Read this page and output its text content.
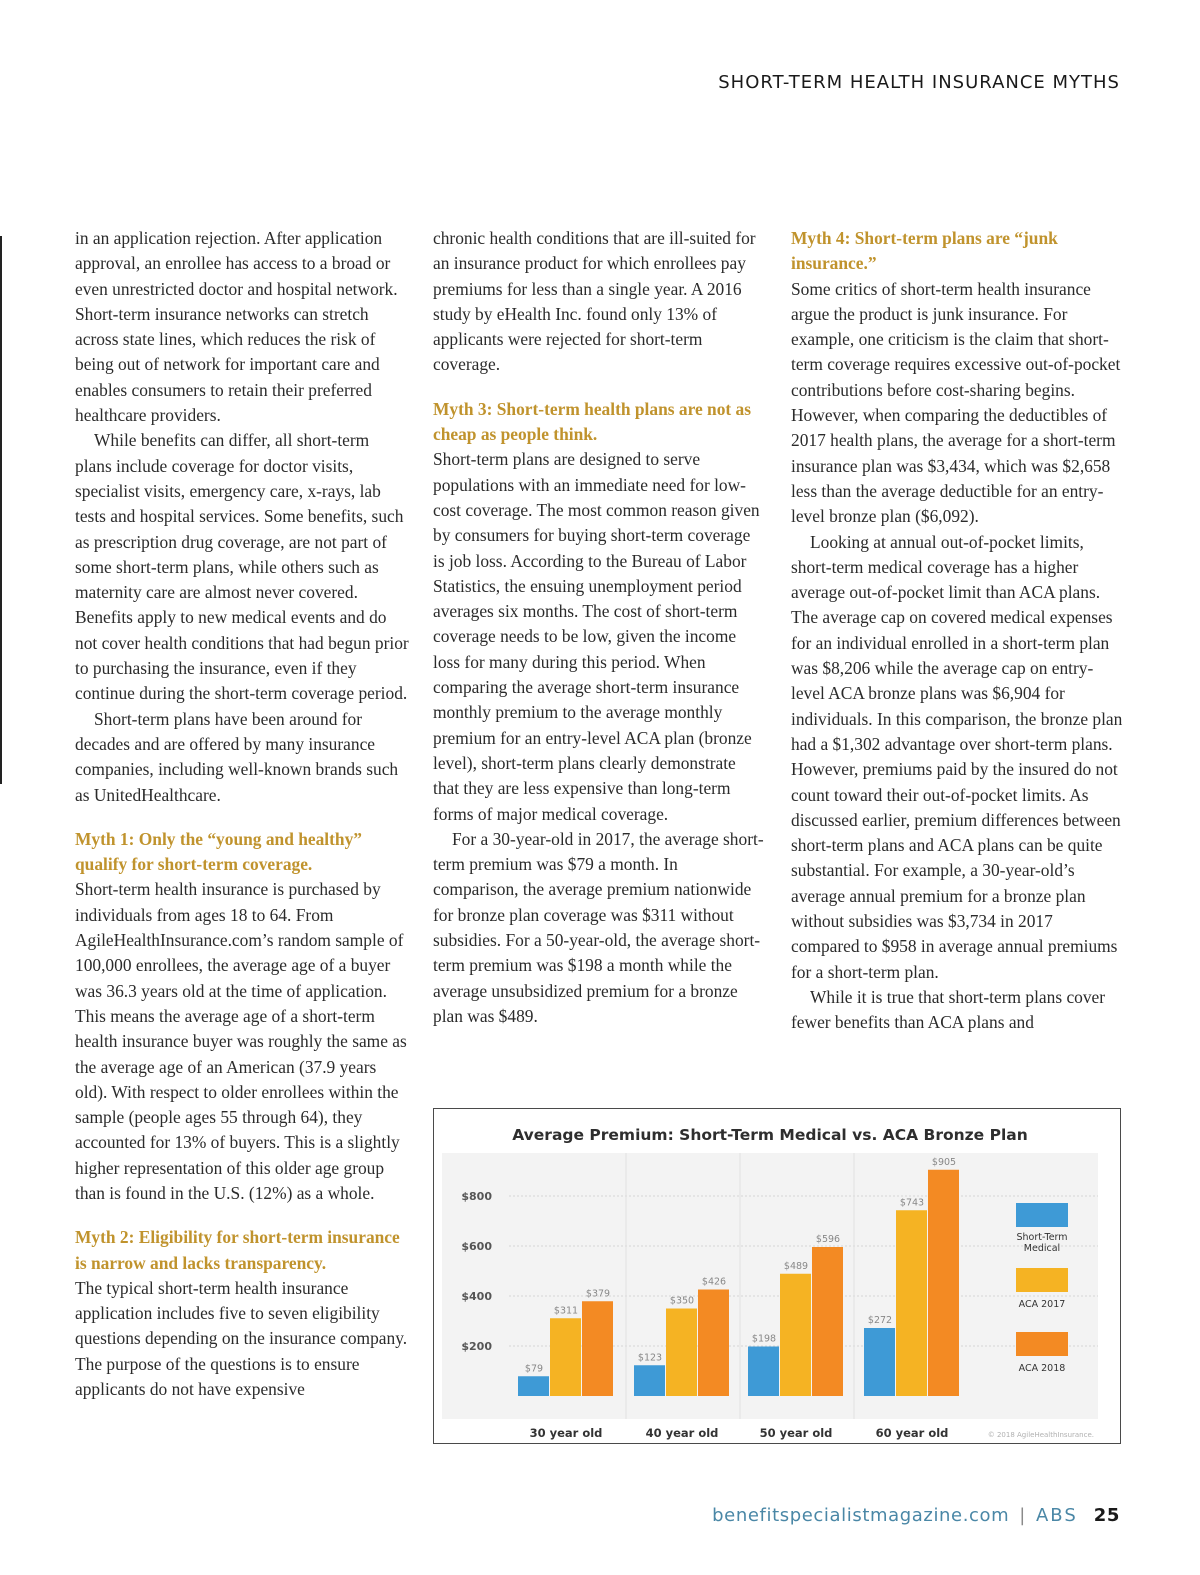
SHORT-TERM HEALTH INSURANCE MYTHS

in an application rejection. After application approval, an enrollee has access to a broad or even unrestricted doctor and hospital network. Short-term insurance networks can stretch across state lines, which reduces the risk of being out of network for important care and enables consumers to retain their preferred healthcare providers.

While benefits can differ, all short-term plans include coverage for doctor visits, specialist visits, emergency care, x-rays, lab tests and hospital services. Some benefits, such as prescription drug coverage, are not part of some short-term plans, while others such as maternity care are almost never covered. Benefits apply to new medical events and do not cover health conditions that had begun prior to purchasing the insurance, even if they continue during the short-term coverage period.

Short-term plans have been around for decades and are offered by many insurance companies, including well-known brands such as UnitedHealthcare.

Myth 1: Only the “young and healthy” qualify for short-term coverage.

Short-term health insurance is purchased by individuals from ages 18 to 64. From AgileHealthInsurance.com’s random sample of 100,000 enrollees, the average age of a buyer was 36.3 years old at the time of application. This means the average age of a short-term health insurance buyer was roughly the same as the average age of an American (37.9 years old). With respect to older enrollees within the sample (people ages 55 through 64), they accounted for 13% of buyers. This is a slightly higher representation of this older age group than is found in the U.S. (12%) as a whole.

Myth 2: Eligibility for short-term insurance is narrow and lacks transparency.

The typical short-term health insurance application includes five to seven eligibility questions depending on the insurance company. The purpose of the questions is to ensure applicants do not have expensive

chronic health conditions that are ill-suited for an insurance product for which enrollees pay premiums for less than a single year. A 2016 study by eHealth Inc. found only 13% of applicants were rejected for short-term coverage.

Myth 3: Short-term health plans are not as cheap as people think.

Short-term plans are designed to serve populations with an immediate need for low-cost coverage. The most common reason given by consumers for buying short-term coverage is job loss. According to the Bureau of Labor Statistics, the ensuing unemployment period averages six months. The cost of short-term coverage needs to be low, given the income loss for many during this period. When comparing the average short-term insurance monthly premium to the average monthly premium for an entry-level ACA plan (bronze level), short-term plans clearly demonstrate that they are less expensive than long-term forms of major medical coverage.

For a 30-year-old in 2017, the average short-term premium was $79 a month. In comparison, the average premium nationwide for bronze plan coverage was $311 without subsidies. For a 50-year-old, the average short-term premium was $198 a month while the average unsubsidized premium for a bronze plan was $489.

Myth 4: Short-term plans are “junk insurance.”

Some critics of short-term health insurance argue the product is junk insurance. For example, one criticism is the claim that short-term coverage requires excessive out-of-pocket contributions before cost-sharing begins. However, when comparing the deductibles of 2017 health plans, the average for a short-term insurance plan was $3,434, which was $2,658 less than the average deductible for an entry-level bronze plan ($6,092).

Looking at annual out-of-pocket limits, short-term medical coverage has a higher average out-of-pocket limit than ACA plans. The average cap on covered medical expenses for an individual enrolled in a short-term plan was $8,206 while the average cap on entry-level ACA bronze plans was $6,904 for individuals. In this comparison, the bronze plan had a $1,302 advantage over short-term plans. However, premiums paid by the insured do not count toward their out-of-pocket limits. As discussed earlier, premium differences between short-term plans and ACA plans can be quite substantial. For example, a 30-year-old’s average annual premium for a bronze plan without subsidies was $3,734 in 2017 compared to $958 in average annual premiums for a short-term plan.

While it is true that short-term plans cover fewer benefits than ACA plans and

Average Premium: Short-Term Medical vs. ACA Bronze Plan
$200
$400
$600
$800
$79
$311
$379
30 year old
$123
$350
$426
40 year old
$198
$489
$596
50 year old
$272
$743
$905
60 year old
Short-Term
Medical
ACA 2017
ACA 2018
© 2018 AgileHealthInsurance.
benefitspecialistmagazine.com | ABS 25
